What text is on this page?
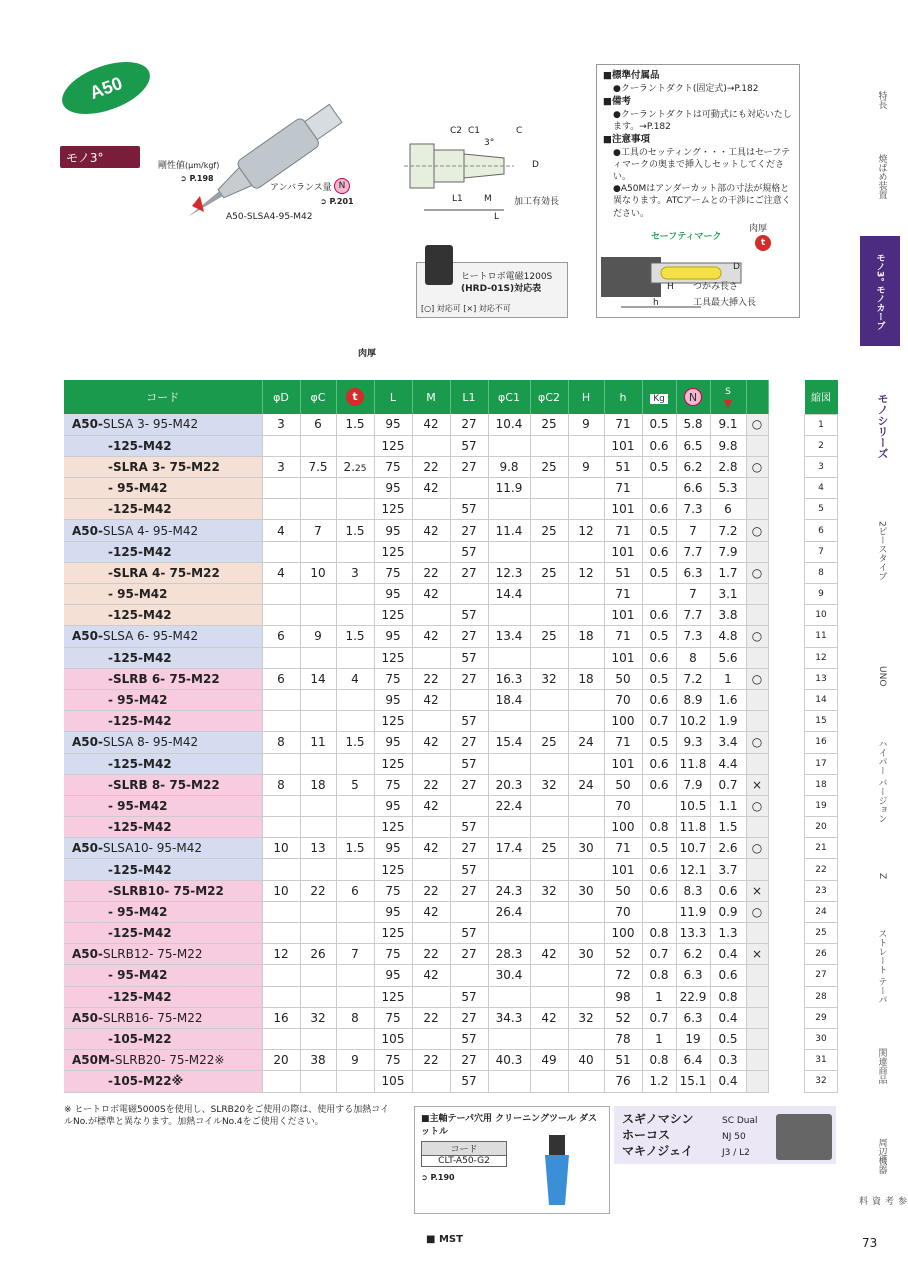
A50
モノ3°
剛性値(μm/kgf)
➲ P.198
アンバランス量 N
➲ P.201
A50-SLSA4-95-M42
C2 C1	C
3°
D
L1 M
L
加工有効長
ヒートロボ電磁1200S
(HRD-01S)対応表
[○] 対応可 [×] 対応不可
■標準付属品

●クーラントダクト(固定式)→P.182

■備考

●クーラントダクトは可動式にも対応いたします。→P.182

■注意事項

●工具のセッティング・・・工具はセーフティマークの奥まで挿入しセットしてください。

●A50Mはアンダーカット部の寸法が規格と異なります。ATCアームとの干渉にご注意ください。

セーフティマーク
肉厚
t
D
H つかみ長さ
h	工具最大挿入長
肉厚
コード	φD	φC	t	L	M	L1	φC1	φC2	H	h	Kg	N	S
▼		
A50-SLSA 3- 95-M42	3	6	1.5	95	42	27	10.4	25	9	71	0.5	5.8	9.1	○	
-125-M42				125		57				101	0.6	6.5	9.8		
-SLRA 3- 75-M22	3	7.5	2.25	75	22	27	9.8	25	9	51	0.5	6.2	2.8	○	
- 95-M42				95	42		11.9			71		6.6	5.3		
-125-M42				125		57				101	0.6	7.3	6		
A50-SLSA 4- 95-M42	4	7	1.5	95	42	27	11.4	25	12	71	0.5	7	7.2	○	
-125-M42				125		57				101	0.6	7.7	7.9		
-SLRA 4- 75-M22	4	10	3	75	22	27	12.3	25	12	51	0.5	6.3	1.7	○	
- 95-M42				95	42		14.4			71		7	3.1		
-125-M42				125		57				101	0.6	7.7	3.8		
A50-SLSA 6- 95-M42	6	9	1.5	95	42	27	13.4	25	18	71	0.5	7.3	4.8	○	
-125-M42				125		57				101	0.6	8	5.6		
-SLRB 6- 75-M22	6	14	4	75	22	27	16.3	32	18	50	0.5	7.2	1	○	
- 95-M42				95	42		18.4			70	0.6	8.9	1.6		
-125-M42				125		57				100	0.7	10.2	1.9		
A50-SLSA 8- 95-M42	8	11	1.5	95	42	27	15.4	25	24	71	0.5	9.3	3.4	○	
-125-M42				125		57				101	0.6	11.8	4.4		
-SLRB 8- 75-M22	8	18	5	75	22	27	20.3	32	24	50	0.6	7.9	0.7	×	
- 95-M42				95	42		22.4			70		10.5	1.1	○	
-125-M42				125		57				100	0.8	11.8	1.5		
A50-SLSA10- 95-M42	10	13	1.5	95	42	27	17.4	25	30	71	0.5	10.7	2.6	○	
-125-M42				125		57				101	0.6	12.1	3.7		
-SLRB10- 75-M22	10	22	6	75	22	27	24.3	32	30	50	0.6	8.3	0.6	×	
- 95-M42				95	42		26.4			70		11.9	0.9	○	
-125-M42				125		57				100	0.8	13.3	1.3		
A50-SLRB12- 75-M22	12	26	7	75	22	27	28.3	42	30	52	0.7	6.2	0.4	×	
- 95-M42				95	42		30.4			72	0.8	6.3	0.6		
-125-M42				125		57				98	1	22.9	0.8		
A50-SLRB16- 75-M22	16	32	8	75	22	27	34.3	42	32	52	0.7	6.3	0.4		
-105-M22				105		57				78	1	19	0.5		
A50M-SLRB20- 75-M22※	20	38	9	75	22	27	40.3	49	40	51	0.8	6.4	0.3		
-105-M22※				105		57				76	1.2	15.1	0.4		
縮図
1
2
3
4
5
6
7
8
9
10
11
12
13
14
15
16
17
18
19
20
21
22
23
24
25
26
27
28
29
30
31
32
※ ヒートロボ電磁5000Sを使用し、SLRB20をご使用の際は、使用する加熱コイルNo.が標準と異なります。加熱コイルNo.4をご使用ください。	■主軸テーパ穴用 クリーニングツール ダスットル
コード
CLT-A50-G2
➲ P.190
スギノマシン	SC Dual
ホーコス	NJ 50
マキノジェイ	J3 / L2
特長
焼ばめ装置
モノ3° モノカーブ
モノシリーズ
2ピースタイプ
UNO
ハイパー バージョン
Z
ストレート テーパ
関連商品
周辺機器
参考資料
■ MST	73
